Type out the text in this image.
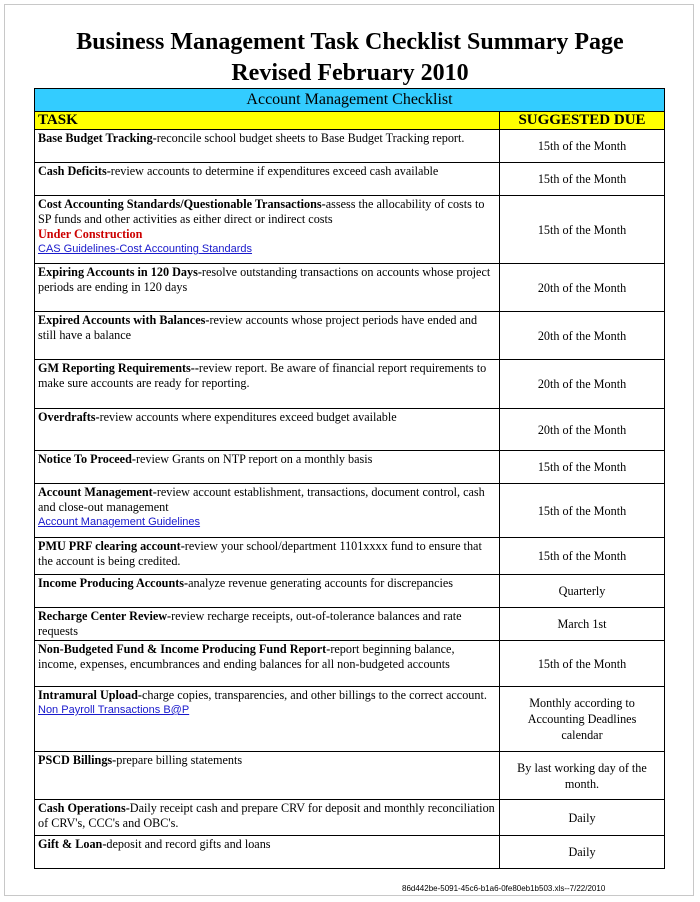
Business Management Task Checklist Summary Page
Revised February 2010
Account Management Checklist	
TASK	SUGGESTED DUE
Base Budget Tracking-reconcile school budget sheets to Base Budget Tracking report.	15th of the Month
Cash Deficits-review accounts to determine if expenditures exceed cash available	15th of the Month
Cost Accounting Standards/Questionable Transactions-assess the allocability of costs to SP funds and other activities as either direct or indirect costs
Under Construction
CAS Guidelines-Cost Accounting Standards	15th of the Month
Expiring Accounts in 120 Days-resolve outstanding transactions on accounts whose project periods are ending in 120 days	20th of the Month
Expired Accounts with Balances-review accounts whose project periods have ended and still have a balance	20th of the Month
GM Reporting Requirements--review report. Be aware of financial report requirements to make sure accounts are ready for reporting.	20th of the Month
Overdrafts-review accounts where expenditures exceed budget available	20th of the Month
Notice To Proceed-review Grants on NTP report on a monthly basis	15th of the Month
Account Management-review account establishment, transactions, document control, cash and close-out management
Account Management Guidelines	15th of the Month
PMU PRF clearing account-review your school/department 1101xxxx fund to ensure that the account is being credited.	15th of the Month
Income Producing Accounts-analyze revenue generating accounts for discrepancies	Quarterly
Recharge Center Review-review recharge receipts, out-of-tolerance balances and rate requests	March 1st
Non-Budgeted Fund & Income Producing Fund Report-report beginning balance, income, expenses, encumbrances and ending balances for all non-budgeted accounts	15th of the Month
Intramural Upload-charge copies, transparencies, and other billings to the correct account.
Non Payroll Transactions B@P	Monthly according to Accounting Deadlines calendar
PSCD Billings-prepare billing statements	By last working day of the month.
Cash Operations-Daily receipt cash and prepare CRV for deposit and monthly reconciliation of CRV's, CCC's and OBC's.	Daily
Gift & Loan-deposit and record gifts and loans	Daily
86d442be-5091-45c6-b1a6-0fe80eb1b503.xls--7/22/2010
